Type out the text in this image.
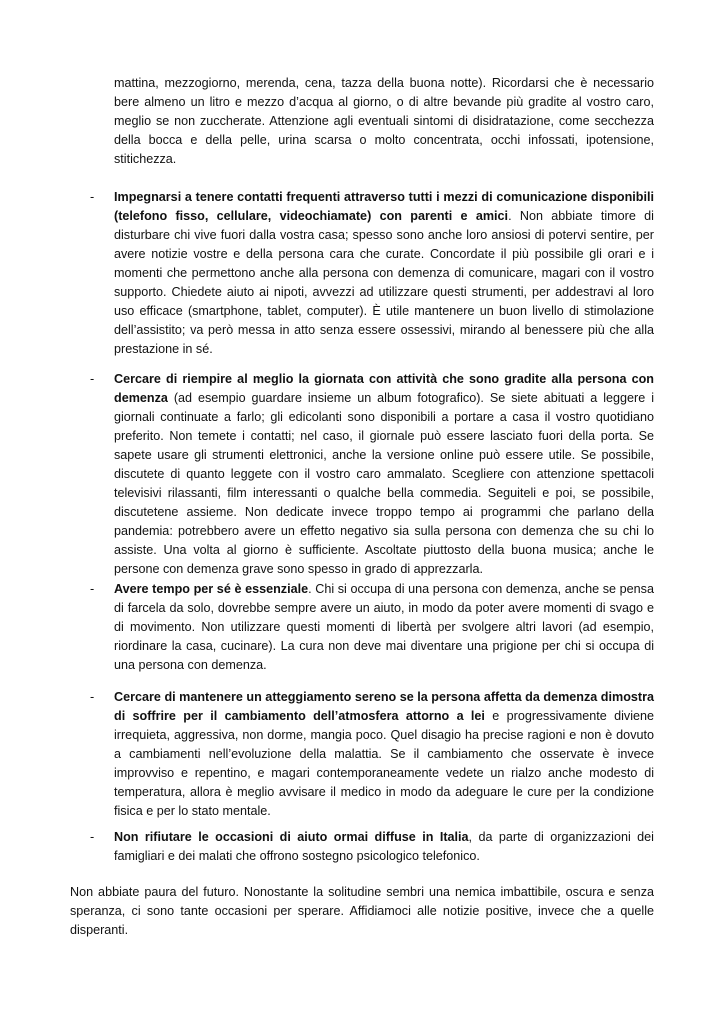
mattina, mezzogiorno, merenda, cena, tazza della buona notte). Ricordarsi che è necessario bere almeno un litro e mezzo d’acqua al giorno, o di altre bevande più gradite al vostro caro, meglio se non zuccherate. Attenzione agli eventuali sintomi di disidratazione, come secchezza della bocca e della pelle, urina scarsa o molto concentrata, occhi infossati, ipotensione, stitichezza.

- Impegnarsi a tenere contatti frequenti attraverso tutti i mezzi di comunicazione disponibili (telefono fisso, cellulare, videochiamate) con parenti e amici. Non abbiate timore di disturbare chi vive fuori dalla vostra casa; spesso sono anche loro ansiosi di potervi sentire, per avere notizie vostre e della persona cara che curate. Concordate il più possibile gli orari e i momenti che permettono anche alla persona con demenza di comunicare, magari con il vostro supporto. Chiedete aiuto ai nipoti, avvezzi ad utilizzare questi strumenti, per addestravi al loro uso efficace (smartphone, tablet, computer). È utile mantenere un buon livello di stimolazione dell’assistito; va però messa in atto senza essere ossessivi, mirando al benessere più che alla prestazione in sé.

- Cercare di riempire al meglio la giornata con attività che sono gradite alla persona con demenza (ad esempio guardare insieme un album fotografico). Se siete abituati a leggere i giornali continuate a farlo; gli edicolanti sono disponibili a portare a casa il vostro quotidiano preferito. Non temete i contatti; nel caso, il giornale può essere lasciato fuori della porta. Se sapete usare gli strumenti elettronici, anche la versione online può essere utile. Se possibile, discutete di quanto leggete con il vostro caro ammalato. Scegliere con attenzione spettacoli televisivi rilassanti, film interessanti o qualche bella commedia. Seguiteli e poi, se possibile, discutetene assieme. Non dedicate invece troppo tempo ai programmi che parlano della pandemia: potrebbero avere un effetto negativo sia sulla persona con demenza che su chi lo assiste. Una volta al giorno è sufficiente. Ascoltate piuttosto della buona musica; anche le persone con demenza grave sono spesso in grado di apprezzarla.

- Avere tempo per sé è essenziale. Chi si occupa di una persona con demenza, anche se pensa di farcela da solo, dovrebbe sempre avere un aiuto, in modo da poter avere momenti di svago e di movimento. Non utilizzare questi momenti di libertà per svolgere altri lavori (ad esempio, riordinare la casa, cucinare). La cura non deve mai diventare una prigione per chi si occupa di una persona con demenza.

- Cercare di mantenere un atteggiamento sereno se la persona affetta da demenza dimostra di soffrire per il cambiamento dell’atmosfera attorno a lei e progressivamente diviene irrequieta, aggressiva, non dorme, mangia poco. Quel disagio ha precise ragioni e non è dovuto a cambiamenti nell’evoluzione della malattia. Se il cambiamento che osservate è invece improvviso e repentino, e magari contemporaneamente vedete un rialzo anche modesto di temperatura, allora è meglio avvisare il medico in modo da adeguare le cure per la condizione fisica e per lo stato mentale.

- Non rifiutare le occasioni di aiuto ormai diffuse in Italia, da parte di organizzazioni dei famigliari e dei malati che offrono sostegno psicologico telefonico.

Non abbiate paura del futuro. Nonostante la solitudine sembri una nemica imbattibile, oscura e senza speranza, ci sono tante occasioni per sperare. Affidiamoci alle notizie positive, invece che a quelle disperanti.
